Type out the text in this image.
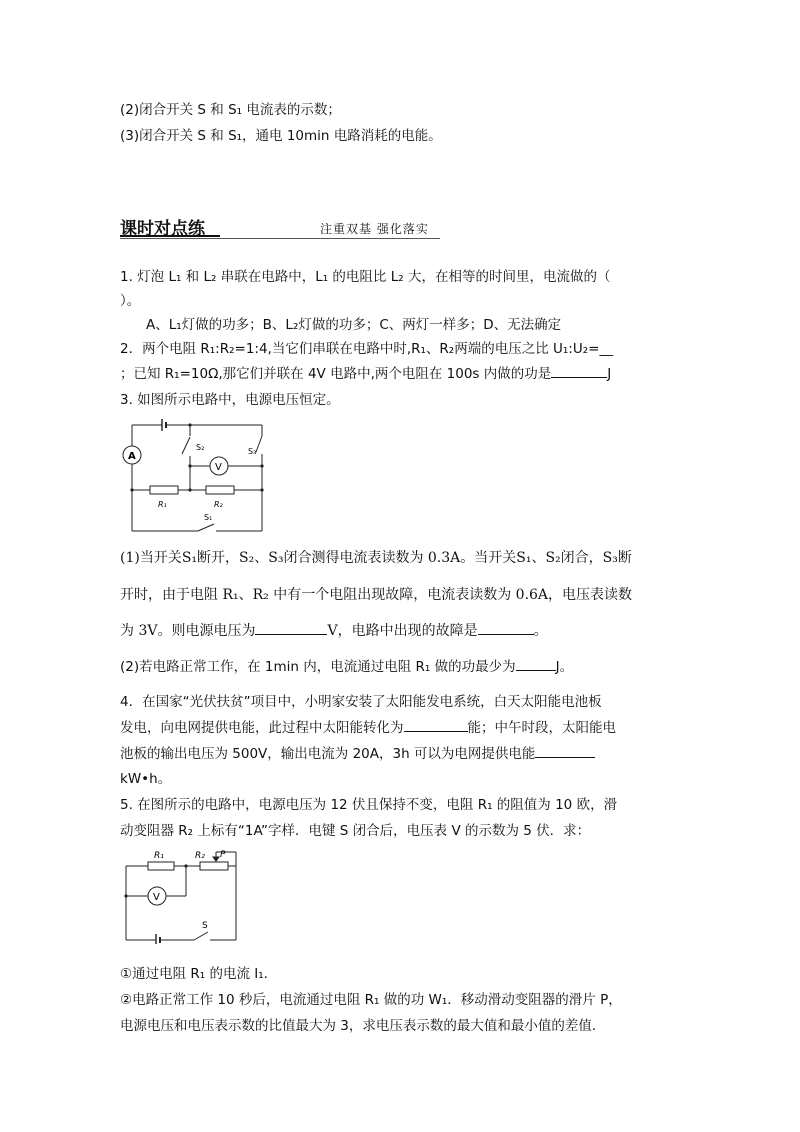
(2)闭合开关 S 和 S₁ 电流表的示数；
(3)闭合开关 S 和 S₁，通电 10min 电路消耗的电能。
课时对点练	注重双基 强化落实
1. 灯泡 L₁ 和 L₂ 串联在电路中，L₁ 的电阻比 L₂ 大，在相等的时间里，电流做的（
）。
A、L₁灯做的功多；B、L₂灯做的功多；C、两灯一样多；D、无法确定
2．两个电阻 R₁:R₂=1:4,当它们串联在电路中时,R₁、R₂两端的电压之比 U₁:U₂=__
；已知 R₁=10Ω,那它们并联在 4V 电路中,两个电阻在 100s 内做的功是	J
3. 如图所示电路中，电源电压恒定。
A
V
S₂	S₃
R₁	R₂
S₁
(1)当开关S₁断开，S₂、S₃闭合测得电流表读数为 0.3A。当开关S₁、S₂闭合，S₃断
开时，由于电阻 R₁、R₂ 中有一个电阻出现故障，电流表读数为 0.6A，电压表读数
为 3V。则电源电压为	V，电路中出现的故障是	。
(2)若电路正常工作，在 1min 内，电流通过电阻 R₁ 做的功最少为	J。
4．在国家“光伏扶贫”项目中，小明家安装了太阳能发电系统，白天太阳能电池板
发电，向电网提供电能，此过程中太阳能转化为	能；中午时段，太阳能电
池板的输出电压为 500V，输出电流为 20A，3h 可以为电网提供电能
kW•h。
5. 在图所示的电路中，电源电压为 12 伏且保持不变，电阻 R₁ 的阻值为 10 欧，滑
动变阻器 R₂ 上标有“1A”字样．电键 S 闭合后，电压表 V 的示数为 5 伏．求：
R₁	R₂ P
V
S
①通过电阻 R₁ 的电流 I₁.
②电路正常工作 10 秒后，电流通过电阻 R₁ 做的功 W₁．移动滑动变阻器的滑片 P，
电源电压和电压表示数的比值最大为 3，求电压表示数的最大值和最小值的差值.
